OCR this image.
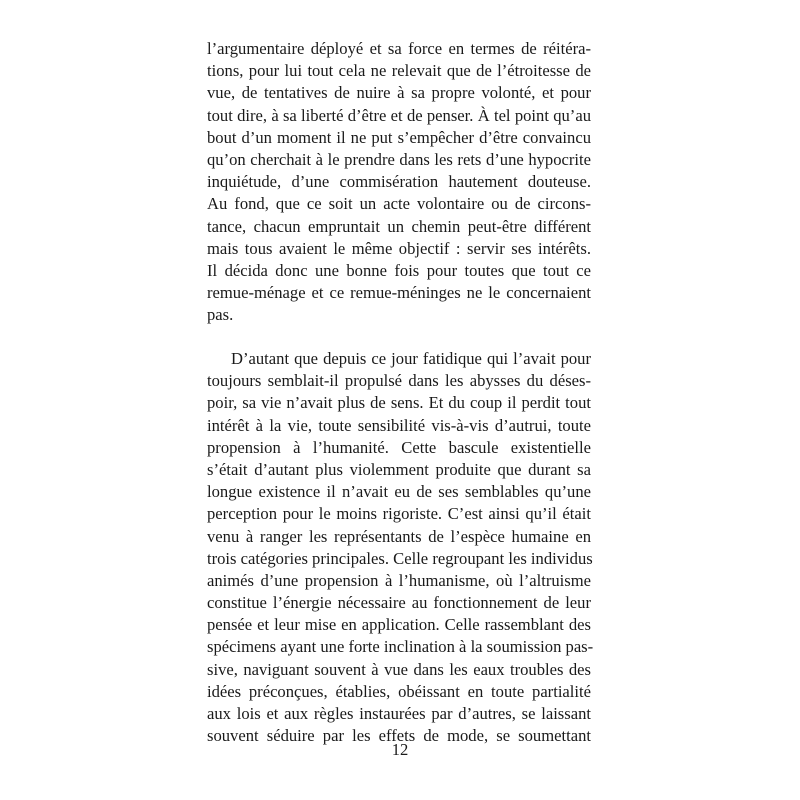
l’argumentaire déployé et sa force en termes de réitéra-
tions, pour lui tout cela ne relevait que de l’étroitesse de
vue, de tentatives de nuire à sa propre volonté, et pour
tout dire, à sa liberté d’être et de penser. À tel point qu’au
bout d’un moment il ne put s’empêcher d’être convaincu
qu’on cherchait à le prendre dans les rets d’une hypocrite
inquiétude, d’une commisération hautement douteuse.
Au fond, que ce soit un acte volontaire ou de circons-
tance, chacun empruntait un chemin peut-être différent
mais tous avaient le même objectif : servir ses intérêts.
Il décida donc une bonne fois pour toutes que tout ce
remue-ménage et ce remue-méninges ne le concernaient
pas.
D’autant que depuis ce jour fatidique qui l’avait pour
toujours semblait-il propulsé dans les abysses du déses-
poir, sa vie n’avait plus de sens. Et du coup il perdit tout
intérêt à la vie, toute sensibilité vis-à-vis d’autrui, toute
propension à l’humanité. Cette bascule existentielle
s’était d’autant plus violemment produite que durant sa
longue existence il n’avait eu de ses semblables qu’une
perception pour le moins rigoriste. C’est ainsi qu’il était
venu à ranger les représentants de l’espèce humaine en
trois catégories principales. Celle regroupant les individus
animés d’une propension à l’humanisme, où l’altruisme
constitue l’énergie nécessaire au fonctionnement de leur
pensée et leur mise en application. Celle rassemblant des
spécimens ayant une forte inclination à la soumission pas-
sive, naviguant souvent à vue dans les eaux troubles des
idées préconçues, établies, obéissant en toute partialité
aux lois et aux règles instaurées par d’autres, se laissant
souvent séduire par les effets de mode, se soumettant
12
